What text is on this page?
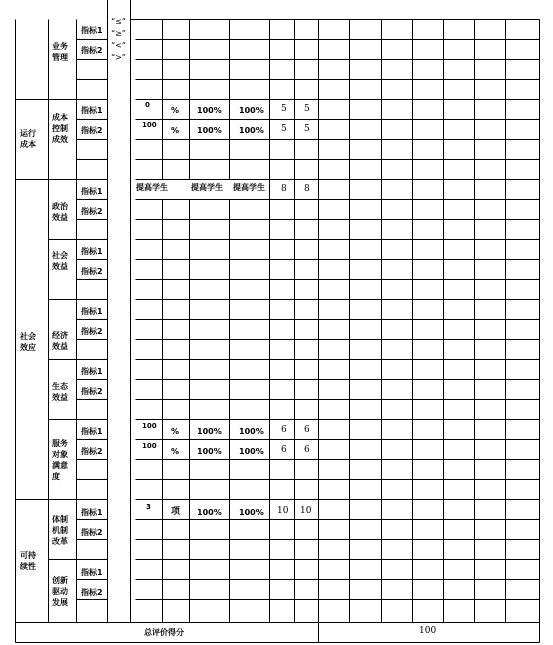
业务
管理
运行
成本
成本
控制
成效
社会
效应
政治
效益
社会
效益
经济
效益
生态
效益
服务
对象
满意
度
可持
续性
体制
机制
改革
创新
驱动
发展
指标1
指标2
指标1
指标2
指标1
指标2
指标1
指标2
指标1
指标2
指标1
指标2
指标1
指标2
指标1
指标2
指标1
指标2
“≤”
“≥”
“<”
“>”
0
% 100% 100% 5 5
100
% 100% 100% 5 5
提高学生	提高学生 提高学生 8 8
100
% 100% 100% 6 6
100
% 100% 100% 6 6
3 项 100% 100% 10 10
总评价得分	100
